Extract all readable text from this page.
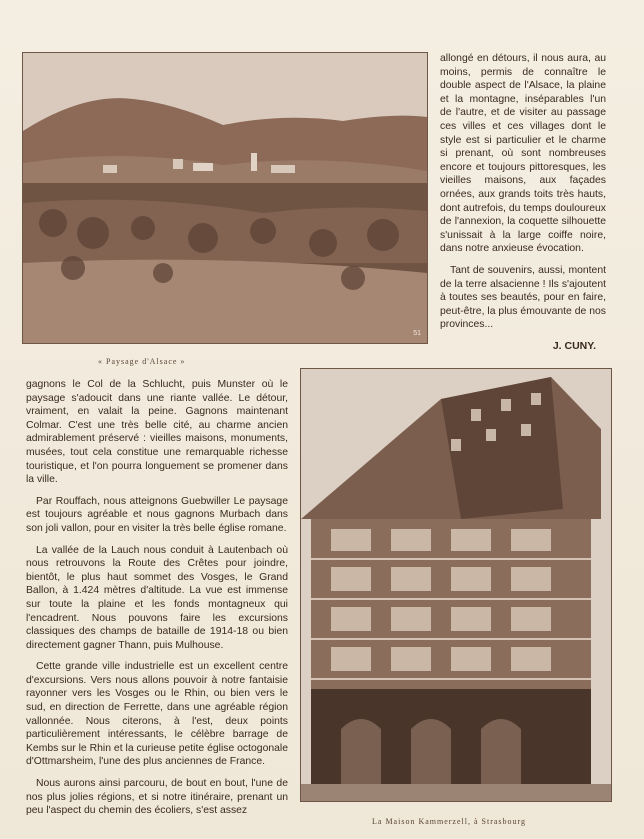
51
« Paysage d'Alsace »

allongé en détours, il nous aura, au moins, permis de connaître le double aspect de l'Alsace, la plaine et la montagne, inséparables l'un de l'autre, et de visiter au passage ces villes et ces villages dont le style est si particulier et le charme si prenant, où sont nombreuses encore et toujours pittoresques, les vieilles maisons, aux façades ornées, aux grands toits très hauts, dont autrefois, du temps douloureux de l'annexion, la coquette silhouette s'unissait à la large coiffe noire, dans notre anxieuse évocation.

Tant de souvenirs, aussi, montent de la terre alsacienne ! Ils s'ajoutent à toutes ses beautés, pour en faire, peut-être, la plus émouvante de nos provinces...

J. CUNY.

gagnons le Col de la Schlucht, puis Munster où le paysage s'adoucit dans une riante vallée. Le détour, vraiment, en valait la peine. Gagnons maintenant Colmar. C'est une très belle cité, au charme ancien admirablement préservé : vieilles maisons, monuments, musées, tout cela constitue une remarquable richesse touristique, et l'on pourra longuement se promener dans la ville.

Par Rouffach, nous atteignons Guebwiller Le paysage est toujours agréable et nous gagnons Murbach dans son joli vallon, pour en visiter la très belle église romane.

La vallée de la Lauch nous conduit à Lautenbach où nous retrouvons la Route des Crêtes pour joindre, bientôt, le plus haut sommet des Vosges, le Grand Ballon, à 1.424 mètres d'altitude. La vue est immense sur toute la plaine et les fonds montagneux qui l'encadrent. Nous pouvons faire les excursions classiques des champs de bataille de 1914-18 ou bien directement gagner Thann, puis Mulhouse.

Cette grande ville industrielle est un excellent centre d'excursions. Vers nous allons pouvoir à notre fantaisie rayonner vers les Vosges ou le Rhin, ou bien vers le sud, en direction de Ferrette, dans une agréable région vallonnée. Nous citerons, à l'est, deux points particulièrement intéressants, le célèbre barrage de Kembs sur le Rhin et la curieuse petite église octogonale d'Ottmarsheim, l'une des plus anciennes de France.

Nous aurons ainsi parcouru, de bout en bout, l'une de nos plus jolies régions, et si notre itinéraire, prenant un peu l'aspect du chemin des écoliers, s'est assez

La Maison Kammerzell, à Strasbourg
